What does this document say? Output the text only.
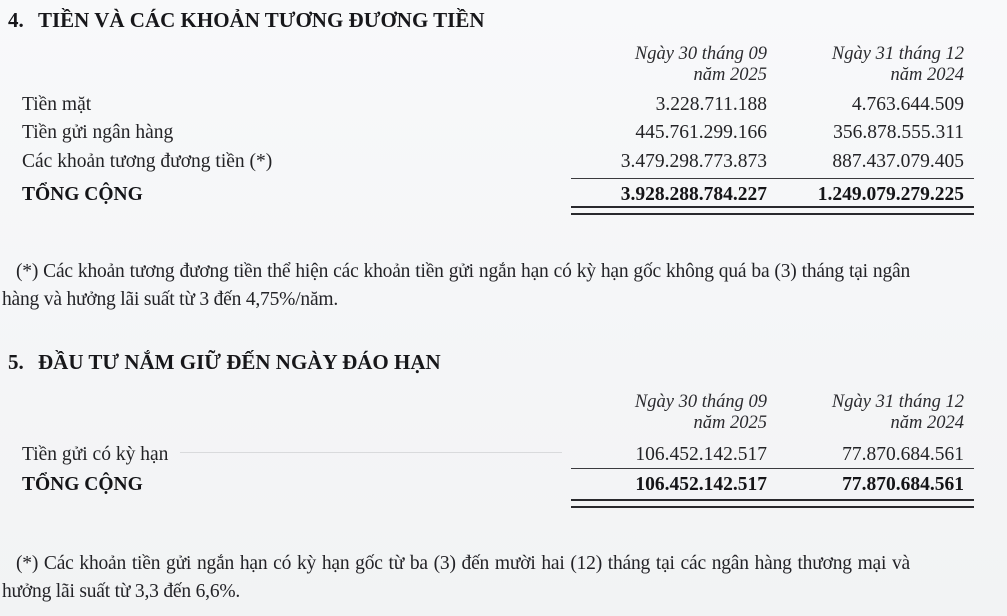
4. TIỀN VÀ CÁC KHOẢN TƯƠNG ĐƯƠNG TIỀN
Ngày 30 tháng 09
năm 2025
Ngày 31 tháng 12
năm 2024
Tiền mặt	3.228.711.188	4.763.644.509
Tiền gửi ngân hàng	445.761.299.166	356.878.555.311
Các khoản tương đương tiền (*)	3.479.298.773.873	887.437.079.405
TỔNG CỘNG	3.928.288.784.227	1.249.079.279.225
(*) Các khoản tương đương tiền thể hiện các khoản tiền gửi ngắn hạn có kỳ hạn gốc không quá ba (3) tháng tại ngân hàng và hưởng lãi suất từ 3 đến 4,75%/năm.
5. ĐẦU TƯ NẮM GIỮ ĐẾN NGÀY ĐÁO HẠN
Ngày 30 tháng 09
năm 2025
Ngày 31 tháng 12
năm 2024
Tiền gửi có kỳ hạn	106.452.142.517	77.870.684.561
TỔNG CỘNG	106.452.142.517	77.870.684.561
(*) Các khoản tiền gửi ngắn hạn có kỳ hạn gốc từ ba (3) đến mười hai (12) tháng tại các ngân hàng thương mại và hưởng lãi suất từ 3,3 đến 6,6%.
